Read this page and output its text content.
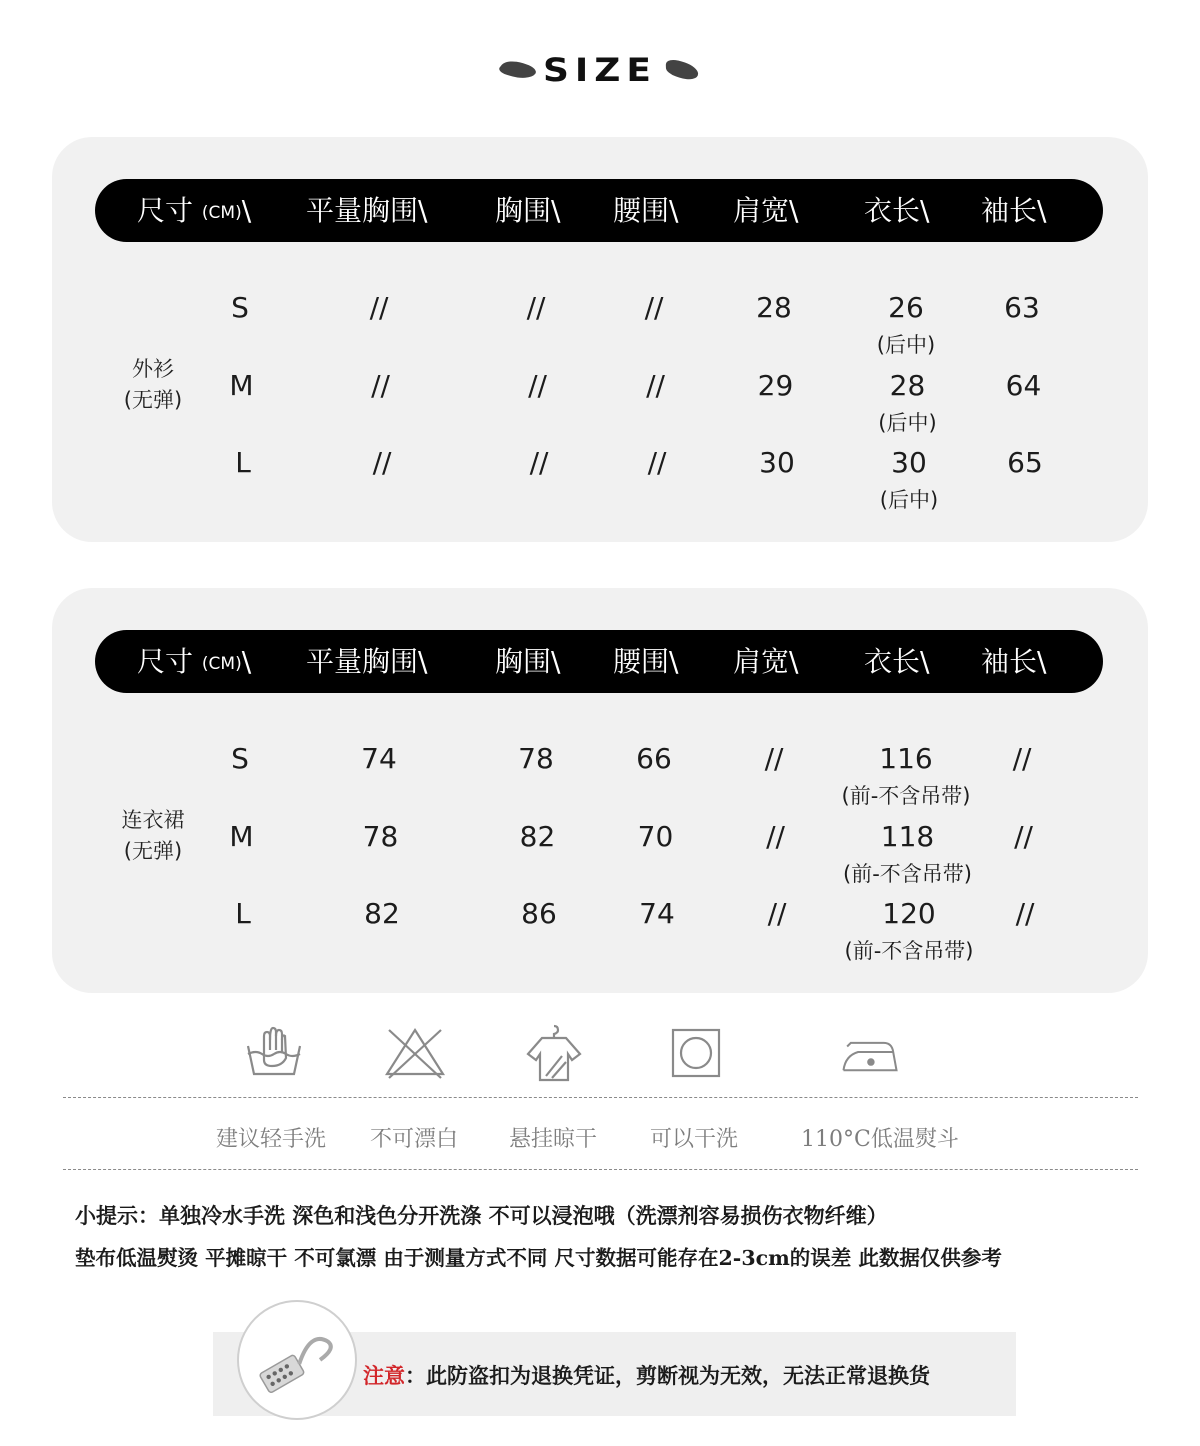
SIZE
尺寸 (CM)\ 平量胸围\ 胸围\ 腰围\ 肩宽\ 衣长\ 袖长\
外衫
(无弹)
S	//	//	//	28	26	63
(后中)
M	//	//	//	29	28	64
(后中)
L	//	//	//	30	30	65
(后中)
尺寸 (CM)\ 平量胸围\ 胸围\ 腰围\ 肩宽\ 衣长\ 袖长\
连衣裙
(无弹)
S	74	78	66	//	116	//
(前-不含吊带)
M	78	82	70	//	118	//
(前-不含吊带)
L	82	86	74	//	120	//
(前-不含吊带)
建议轻手洗 不可漂白 悬挂晾干 可以干洗	110°C低温熨斗
小提示：单独冷水手洗 深色和浅色分开洗涤 不可以浸泡哦（洗漂剂容易损伤衣物纤维）
垫布低温熨烫 平摊晾干 不可氯漂 由于测量方式不同 尺寸数据可能存在2-3cm的误差 此数据仅供参考
注意：此防盗扣为退换凭证，剪断视为无效，无法正常退换货
